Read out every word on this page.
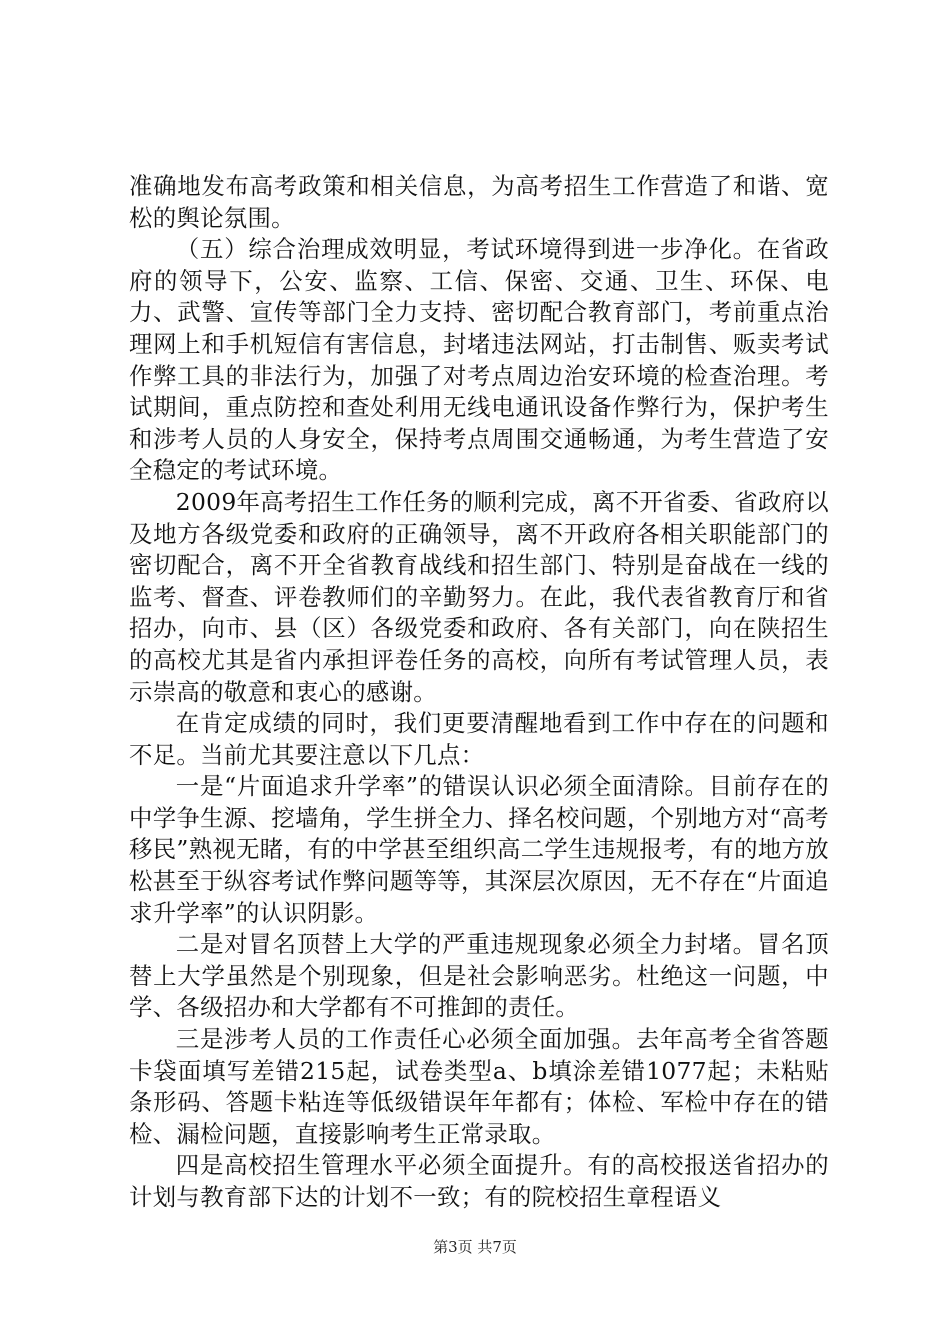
准确地发布高考政策和相关信息，为高考招生工作营造了和谐、宽松的舆论氛围。

（五）综合治理成效明显，考试环境得到进一步净化。在省政府的领导下，公安、监察、工信、保密、交通、卫生、环保、电力、武警、宣传等部门全力支持、密切配合教育部门，考前重点治理网上和手机短信有害信息，封堵违法网站，打击制售、贩卖考试作弊工具的非法行为，加强了对考点周边治安环境的检查治理。考试期间，重点防控和查处利用无线电通讯设备作弊行为，保护考生和涉考人员的人身安全，保持考点周围交通畅通，为考生营造了安全稳定的考试环境。

2009年高考招生工作任务的顺利完成，离不开省委、省政府以及地方各级党委和政府的正确领导，离不开政府各相关职能部门的密切配合，离不开全省教育战线和招生部门、特别是奋战在一线的监考、督查、评卷教师们的辛勤努力。在此，我代表省教育厅和省招办，向市、县（区）各级党委和政府、各有关部门，向在陕招生的高校尤其是省内承担评卷任务的高校，向所有考试管理人员，表示崇高的敬意和衷心的感谢。

在肯定成绩的同时，我们更要清醒地看到工作中存在的问题和不足。当前尤其要注意以下几点：

一是“片面追求升学率”的错误认识必须全面清除。目前存在的中学争生源、挖墙角，学生拼全力、择名校问题，个别地方对“高考移民”熟视无睹，有的中学甚至组织高二学生违规报考，有的地方放松甚至于纵容考试作弊问题等等，其深层次原因，无不存在“片面追求升学率”的认识阴影。

二是对冒名顶替上大学的严重违规现象必须全力封堵。冒名顶替上大学虽然是个别现象，但是社会影响恶劣。杜绝这一问题，中学、各级招办和大学都有不可推卸的责任。

三是涉考人员的工作责任心必须全面加强。去年高考全省答题卡袋面填写差错215起，试卷类型a、b填涂差错1077起；未粘贴条形码、答题卡粘连等低级错误年年都有；体检、军检中存在的错检、漏检问题，直接影响考生正常录取。

四是高校招生管理水平必须全面提升。有的高校报送省招办的计划与教育部下达的计划不一致；有的院校招生章程语义

第3页 共7页
